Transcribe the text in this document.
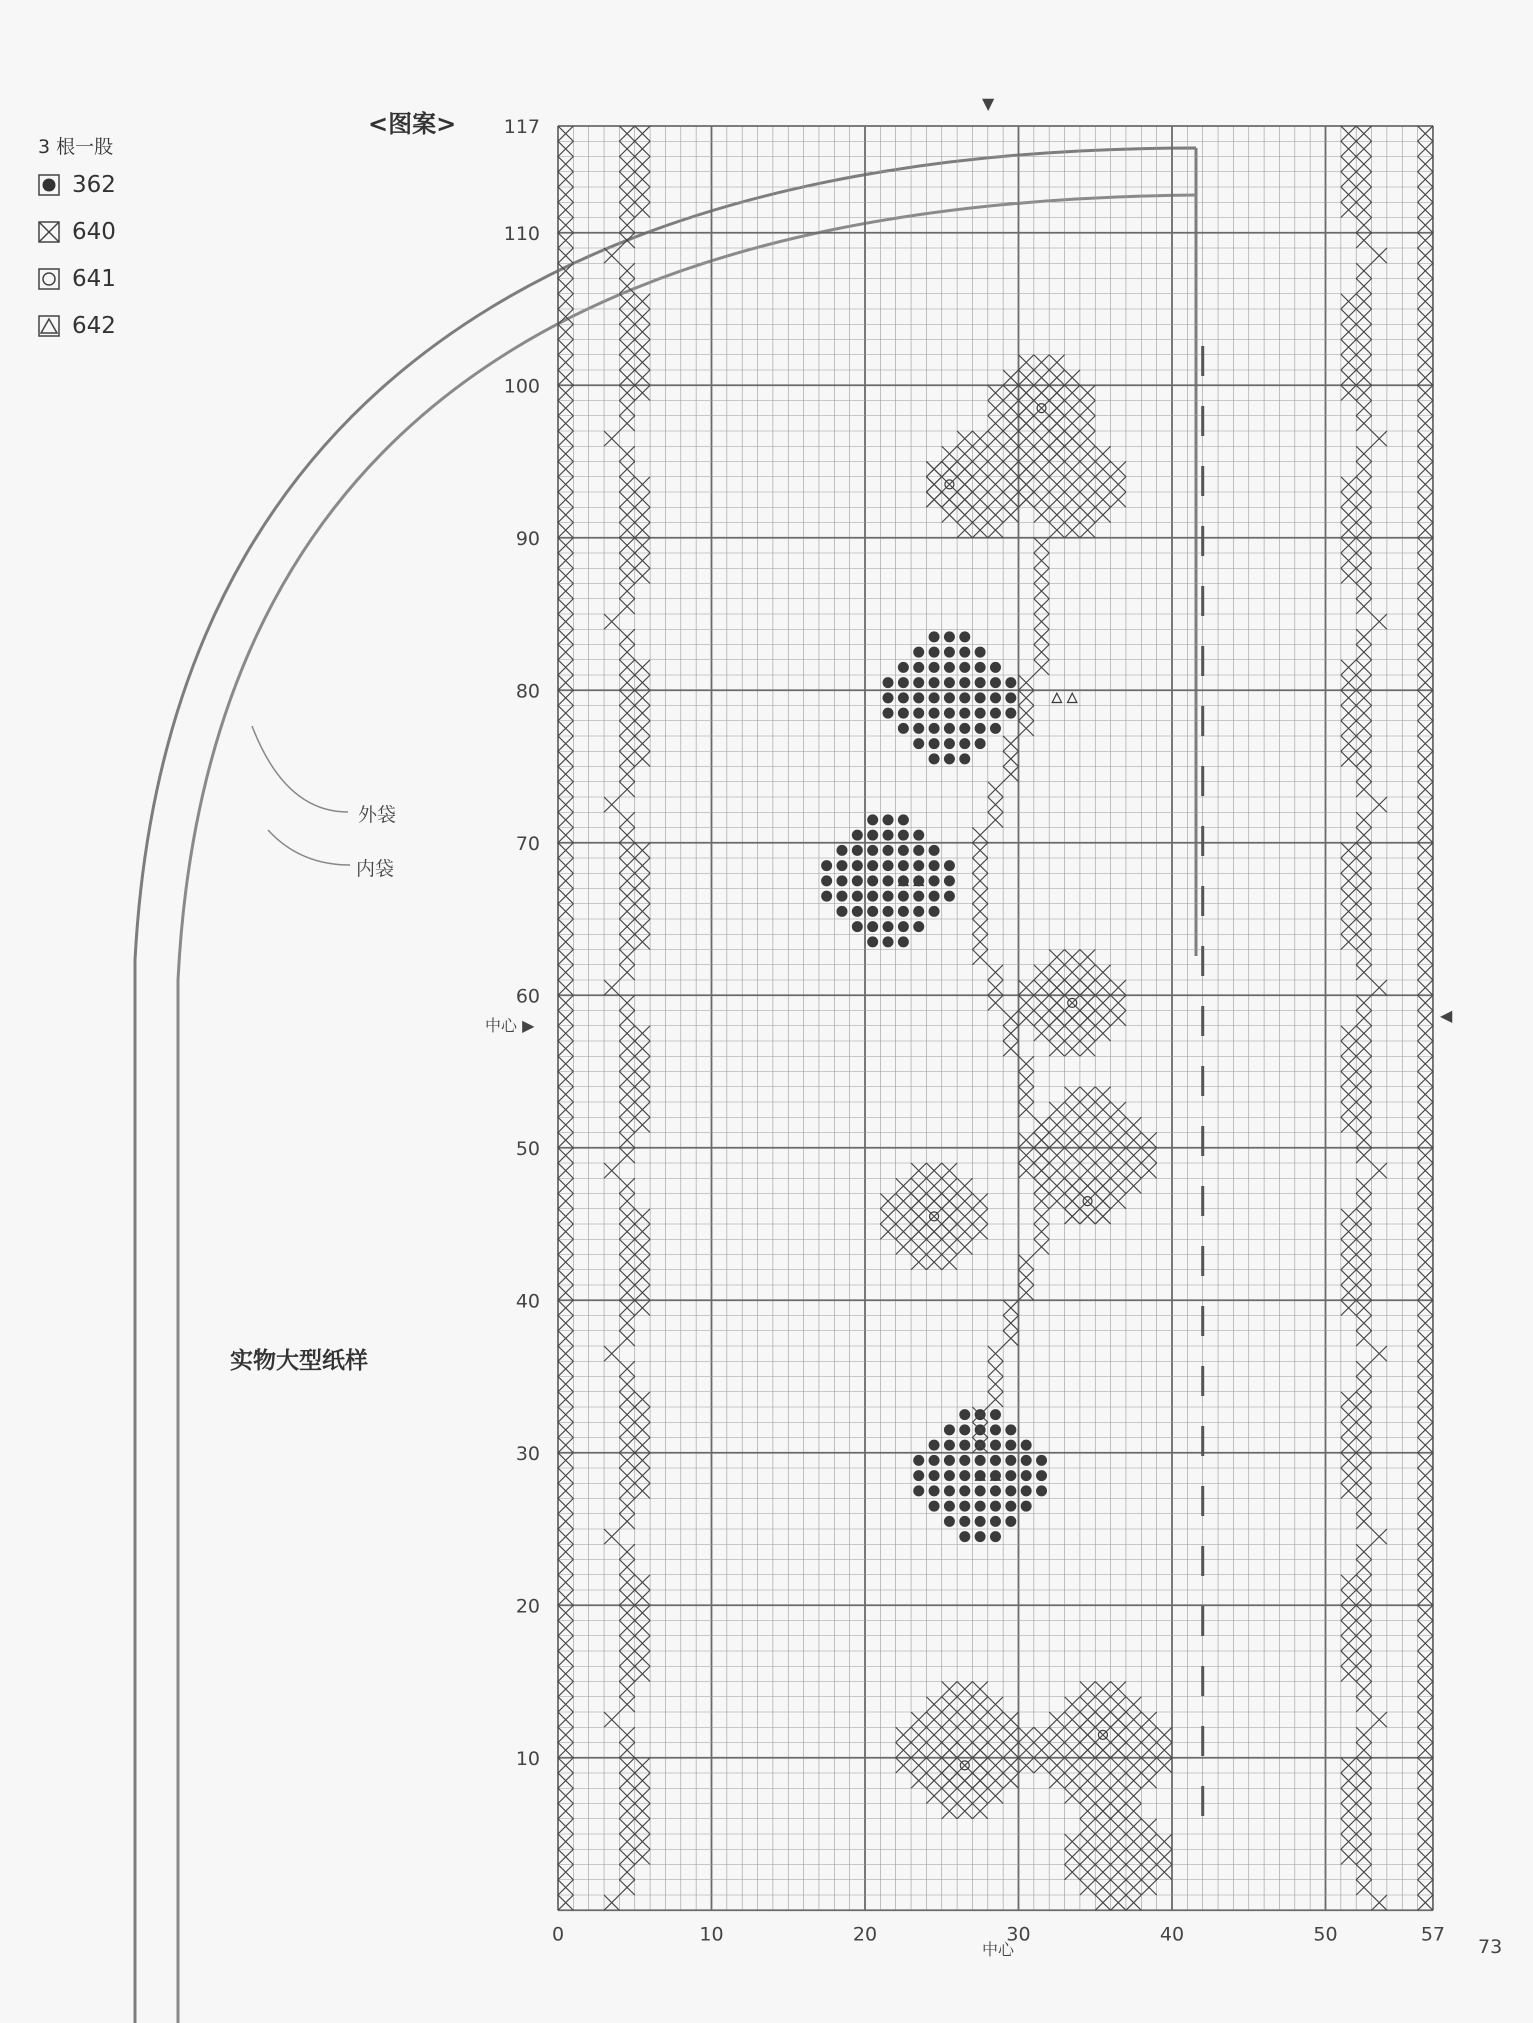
3 根一股
362
640
641
642
<图案>
外袋
内袋
实物大型纸样
0	10	20	30	40	50	57
117
110
100
90
80
70
60
50
40
30
20
10
中心 ▶
中心
▼
◀
73
